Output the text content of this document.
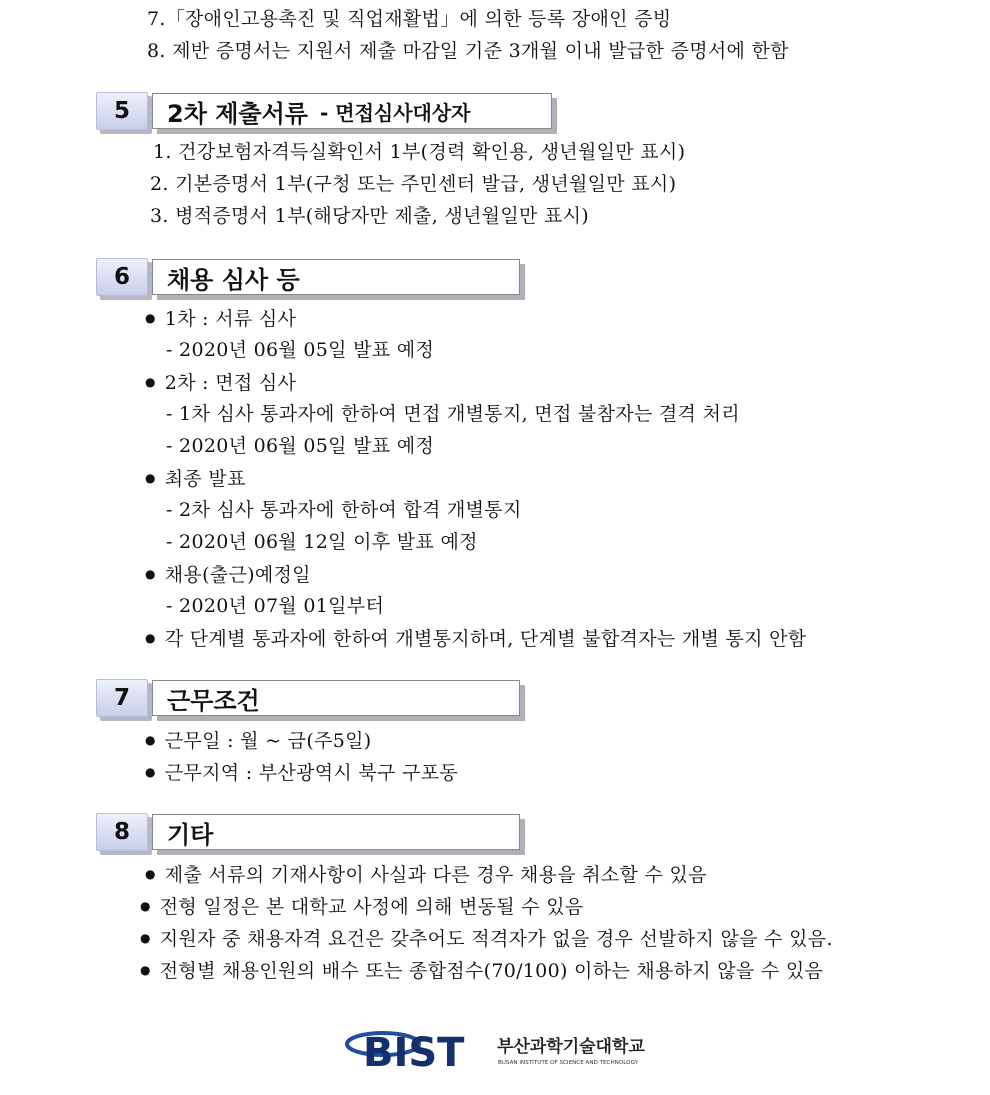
7.「장애인고용촉진 및 직업재활법」에 의한 등록 장애인 증빙
8. 제반 증명서는 지원서 제출 마감일 기준 3개월 이내 발급한 증명서에 한함
5	2차 제출서류 - 면접심사대상자
1. 건강보험자격득실확인서 1부(경력 확인용, 생년월일만 표시)
2. 기본증명서 1부(구청 또는 주민센터 발급, 생년월일만 표시)
3. 병적증명서 1부(해당자만 제출, 생년월일만 표시)
6	채용 심사 등
● 1차 : 서류 심사
- 2020년 06월 05일 발표 예정
● 2차 : 면접 심사
- 1차 심사 통과자에 한하여 면접 개별통지, 면접 불참자는 결격 처리
- 2020년 06월 05일 발표 예정
● 최종 발표
- 2차 심사 통과자에 한하여 합격 개별통지
- 2020년 06월 12일 이후 발표 예정
● 채용(출근)예정일
- 2020년 07월 01일부터
● 각 단계별 통과자에 한하여 개별통지하며, 단계별 불합격자는 개별 통지 안함
7	근무조건
● 근무일 : 월 ~ 금(주5일)
● 근무지역 : 부산광역시 북구 구포동
8	기타
● 제출 서류의 기재사항이 사실과 다른 경우 채용을 취소할 수 있음
● 전형 일정은 본 대학교 사정에 의해 변동될 수 있음
● 지원자 중 채용자격 요건은 갖추어도 적격자가 없을 경우 선발하지 않을 수 있음.
● 전형별 채용인원의 배수 또는 종합점수(70/100) 이하는 채용하지 않을 수 있음
BIST 부산과학기술대학교
BUSAN INSTITUTE OF SCIENCE AND TECHNOLOGY
